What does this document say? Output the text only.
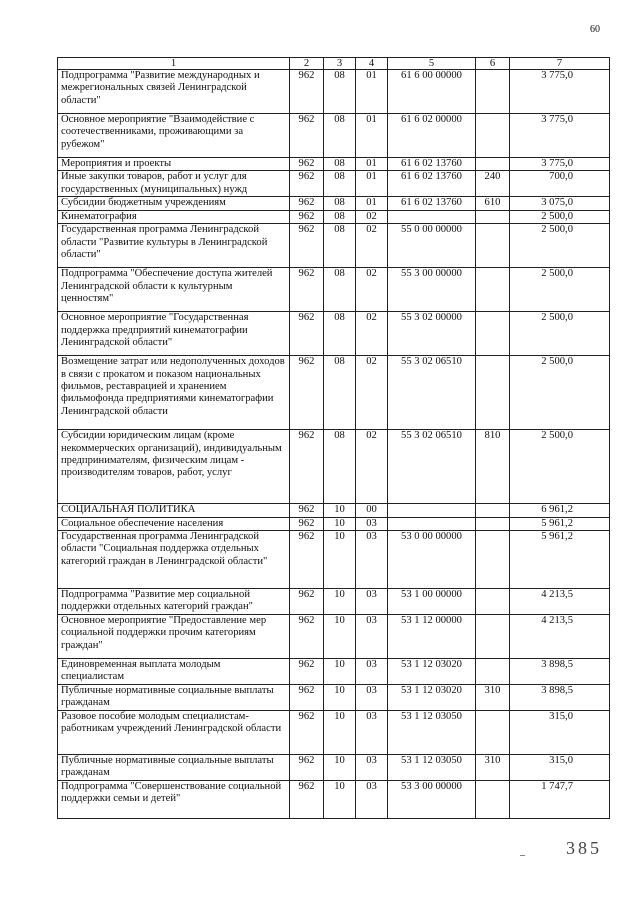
60
1	2	3	4	5	6	7
Подпрограмма "Развитие международных и межрегиональных связей Ленинградской области"	962	08	01	61 6 00 00000		3 775,0
Основное мероприятие "Взаимодействие с соотечественниками, проживающими за рубежом"	962	08	01	61 6 02 00000		3 775,0
Мероприятия и проекты	962	08	01	61 6 02 13760		3 775,0
Иные закупки товаров, работ и услуг для государственных (муниципальных) нужд	962	08	01	61 6 02 13760	240	700,0
Субсидии бюджетным учреждениям	962	08	01	61 6 02 13760	610	3 075,0
Кинематография	962	08	02			2 500,0
Государственная программа Ленинградской области "Развитие культуры в Ленинградской области"	962	08	02	55 0 00 00000		2 500,0
Подпрограмма "Обеспечение доступа жителей Ленинградской области к культурным ценностям"	962	08	02	55 3 00 00000		2 500,0
Основное мероприятие "Государственная поддержка предприятий кинематографии Ленинградской области"	962	08	02	55 3 02 00000		2 500,0
Возмещение затрат или недополученных доходов в связи с прокатом и показом национальных фильмов, реставрацией и хранением фильмофонда предприятиями кинематографии Ленинградской области	962	08	02	55 3 02 06510		2 500,0
Субсидии юридическим лицам (кроме некоммерческих организаций), индивидуальным предпринимателям, физическим лицам - производителям товаров, работ, услуг	962	08	02	55 3 02 06510	810	2 500,0
СОЦИАЛЬНАЯ ПОЛИТИКА	962	10	00			6 961,2
Социальное обеспечение населения	962	10	03			5 961,2
Государственная программа Ленинградской области "Социальная поддержка отдельных категорий граждан в Ленинградской области"	962	10	03	53 0 00 00000		5 961,2
Подпрограмма "Развитие мер социальной поддержки отдельных категорий граждан"	962	10	03	53 1 00 00000		4 213,5
Основное мероприятие "Предоставление мер социальной поддержки прочим категориям граждан"	962	10	03	53 1 12 00000		4 213,5
Единовременная выплата молодым специалистам	962	10	03	53 1 12 03020		3 898,5
Публичные нормативные социальные выплаты гражданам	962	10	03	53 1 12 03020	310	3 898,5
Разовое пособие молодым специалистам-работникам учреждений Ленинградской области	962	10	03	53 1 12 03050		315,0
Публичные нормативные социальные выплаты гражданам	962	10	03	53 1 12 03050	310	315,0
Подпрограмма "Совершенствование социальной поддержки семьи и детей"	962	10	03	53 3 00 00000		1 747,7
– 385
